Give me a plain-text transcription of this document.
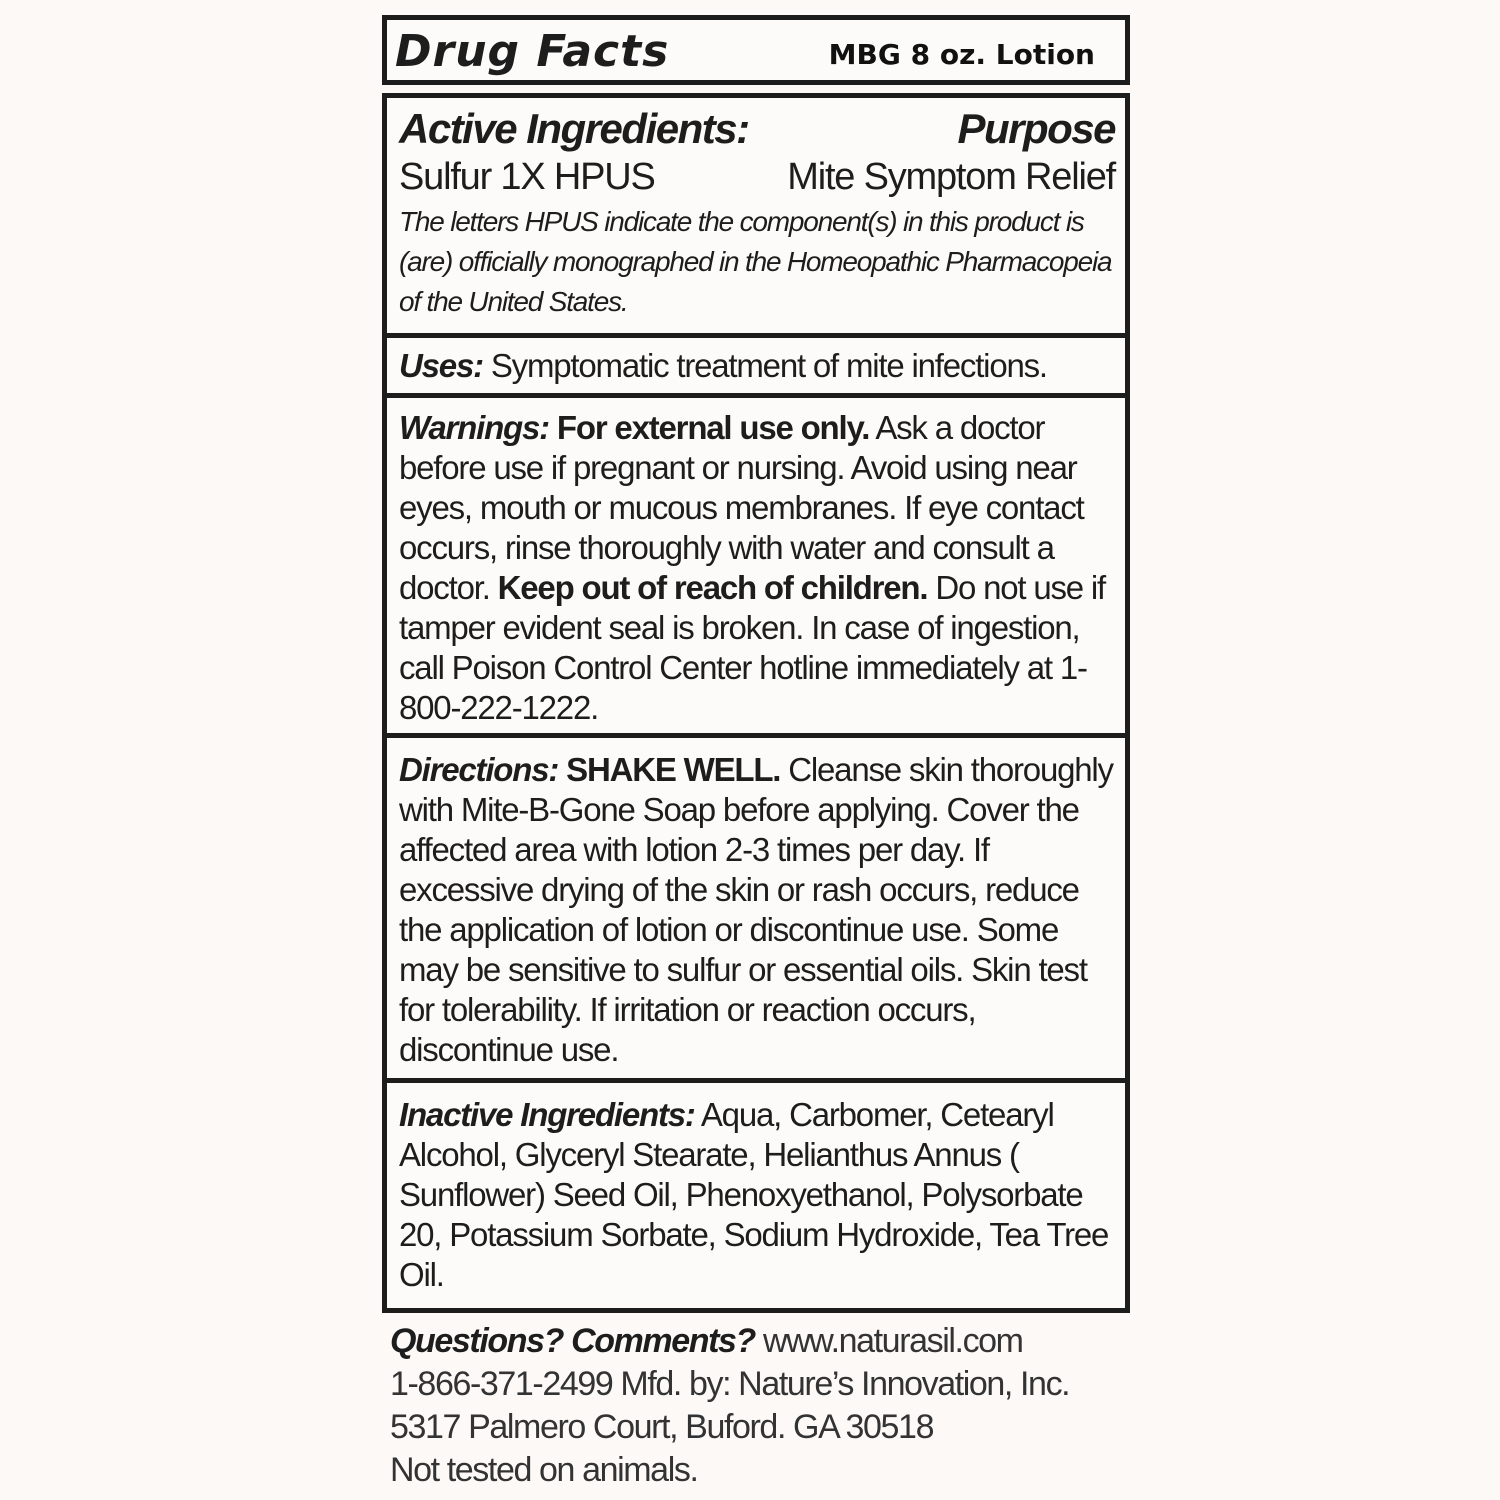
Drug Facts	MBG 8 oz. Lotion
Active Ingredients:	Purpose
Sulfur 1X HPUS	Mite Symptom Relief
The letters HPUS indicate the component(s) in this product is (are) officially monographed in the Homeopathic Pharmacopeia of the United States.
Uses: Symptomatic treatment of mite infections.
Warnings: For external use only. Ask a doctor before use if pregnant or nursing. Avoid using near eyes, mouth or mucous membranes. If eye contact occurs, rinse thoroughly with water and consult a doctor. Keep out of reach of children. Do not use if tamper evident seal is broken. In case of ingestion, call Poison Control Center hotline immediately at 1-800-222-1222.
Directions: SHAKE WELL. Cleanse skin thoroughly with Mite-B-Gone Soap before applying. Cover the affected area with lotion 2-3 times per day. If excessive drying of the skin or rash occurs, reduce the application of lotion or discontinue use. Some may be sensitive to sulfur or essential oils. Skin test for tolerability. If irritation or reaction occurs, discontinue use.
Inactive Ingredients: Aqua, Carbomer, Cetearyl Alcohol, Glyceryl Stearate, Helianthus Annus ( Sunflower) Seed Oil, Phenoxyethanol, Polysorbate 20, Potassium Sorbate, Sodium Hydroxide, Tea Tree Oil.
Questions? Comments? www.naturasil.com
1-866-371-2499 Mfd. by: Nature’s Innovation, Inc.
5317 Palmero Court, Buford. GA 30518
Not tested on animals.
